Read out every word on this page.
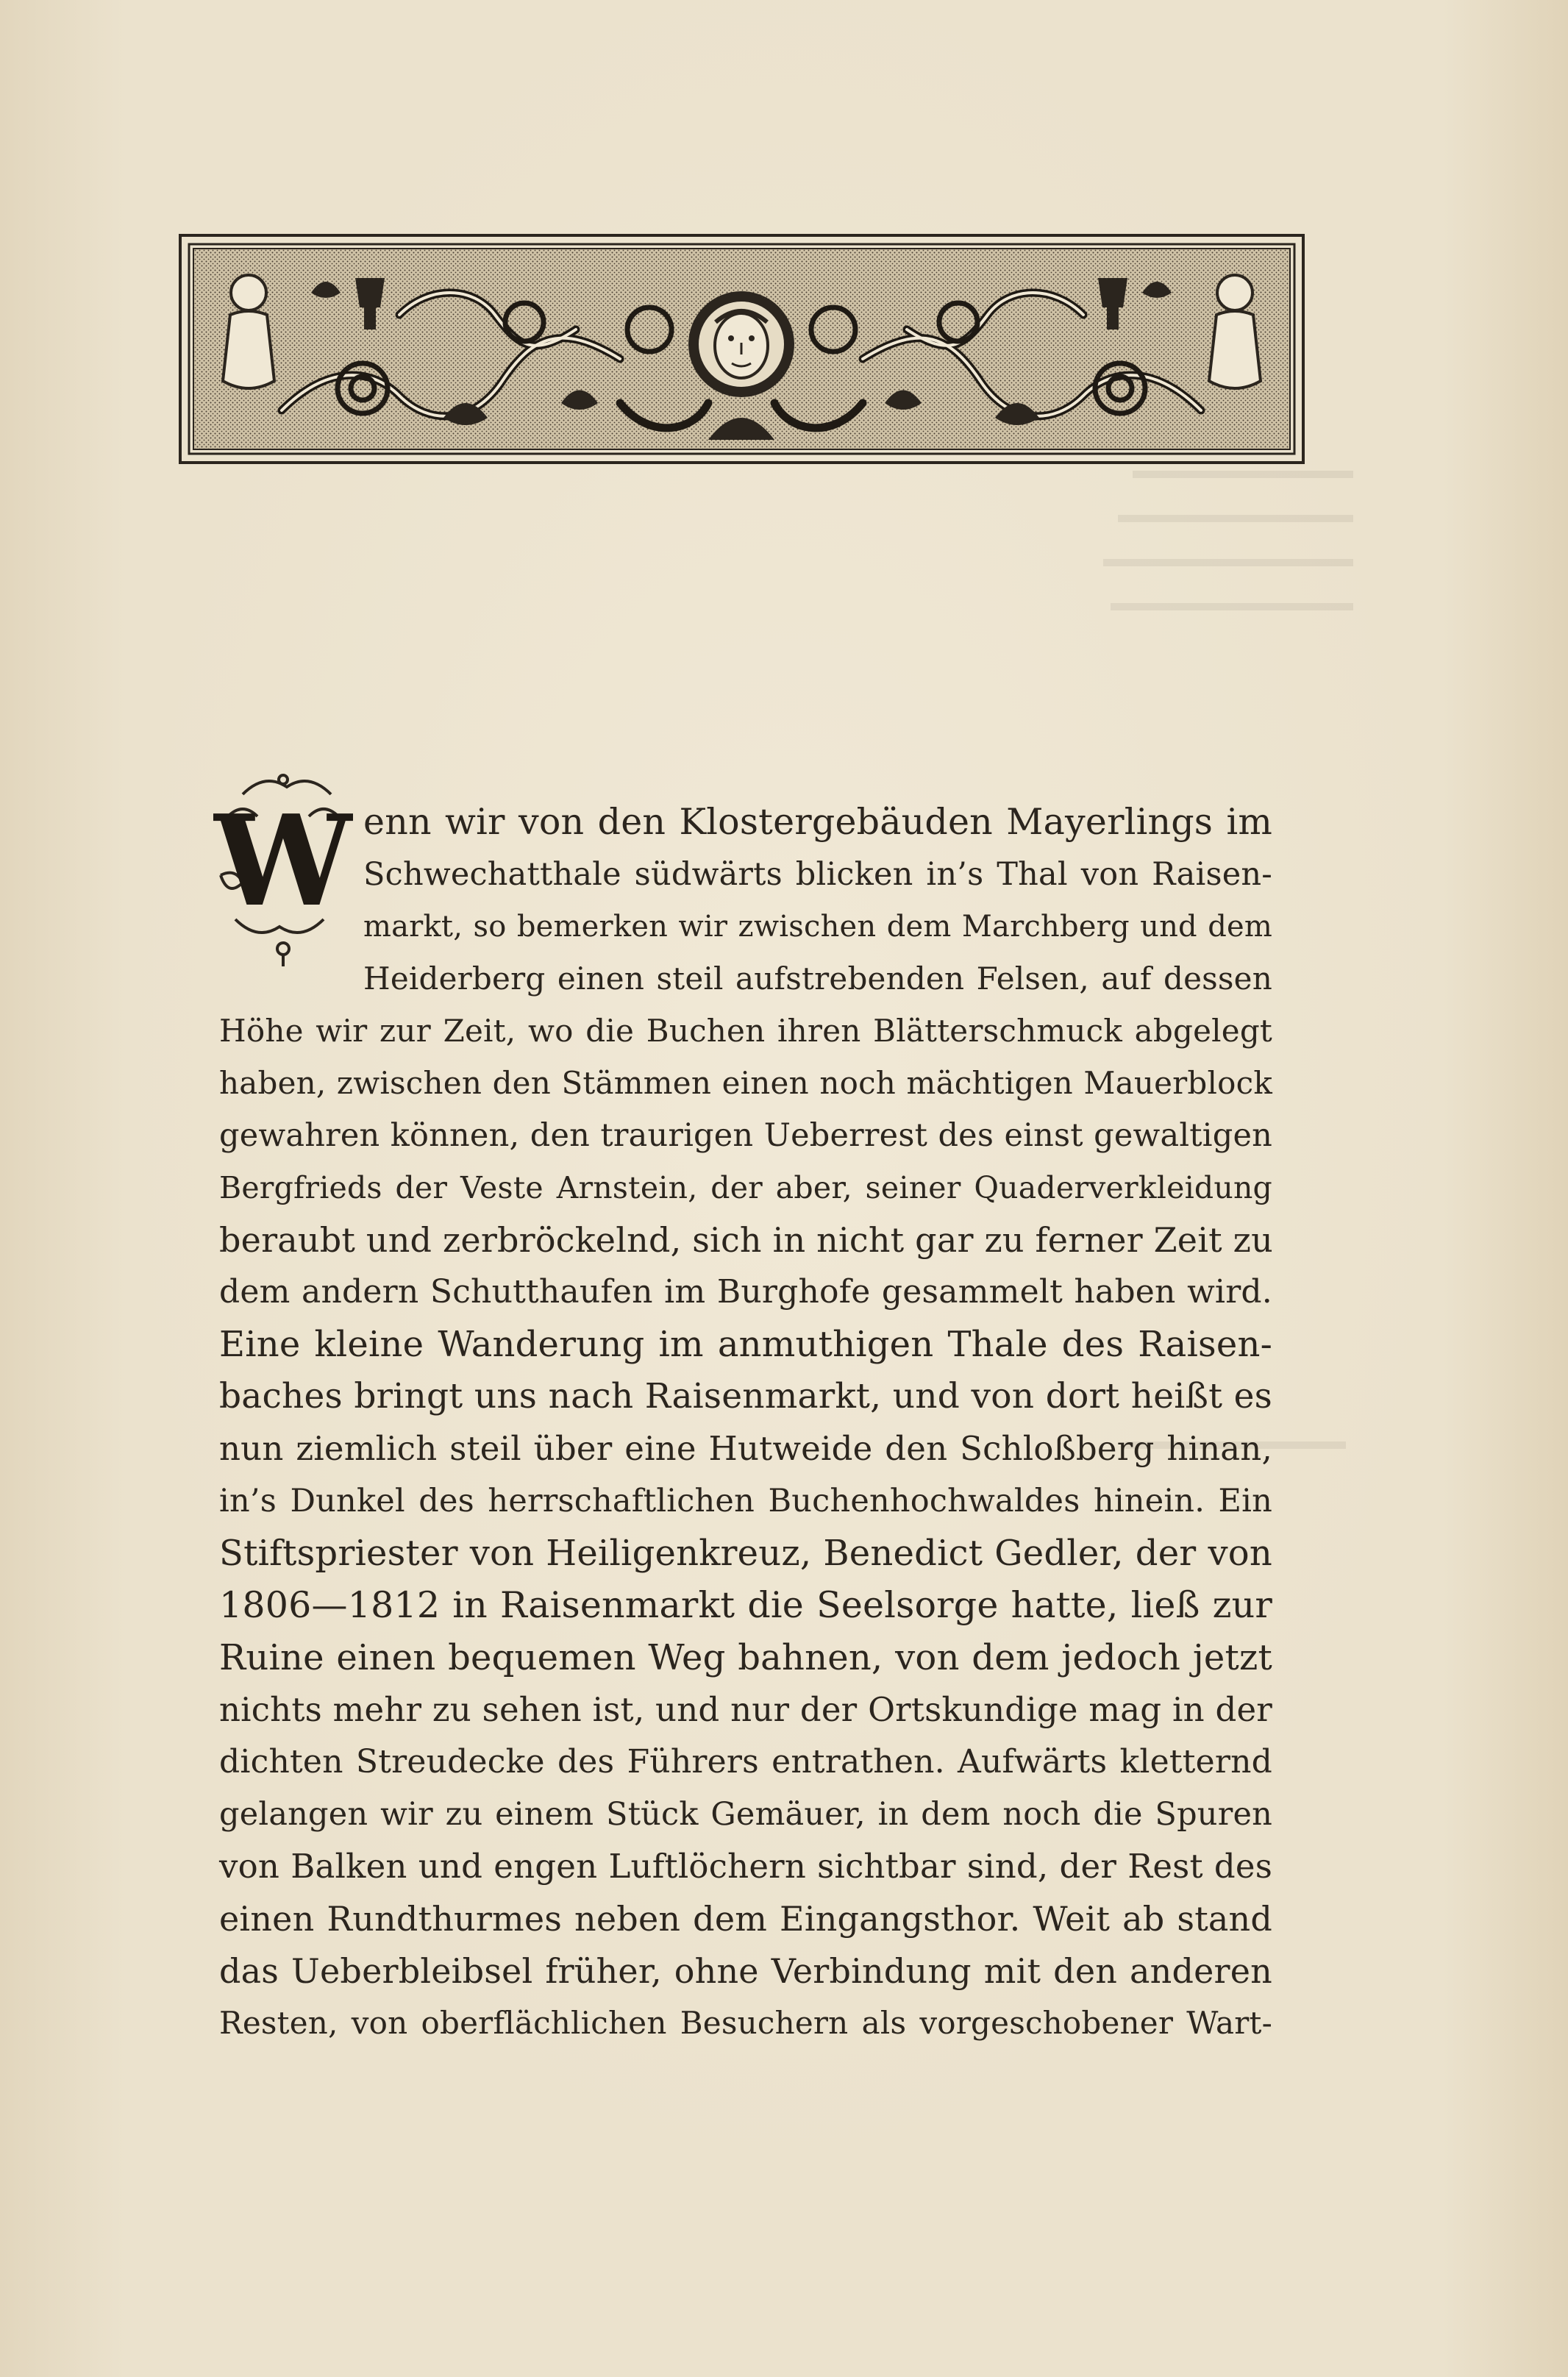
W enn wir von den Klostergebäuden Mayerlings im
Schwechatthale südwärts blicken in’s Thal von Raisen-
markt, so bemerken wir zwischen dem Marchberg und dem
Heiderberg einen steil aufstrebenden Felsen, auf dessen
Höhe wir zur Zeit, wo die Buchen ihren Blätterschmuck abgelegt
haben, zwischen den Stämmen einen noch mächtigen Mauerblock
gewahren können, den traurigen Ueberrest des einst gewaltigen
Bergfrieds der Veste Arnstein, der aber, seiner Quaderverkleidung
beraubt und zerbröckelnd, sich in nicht gar zu ferner Zeit zu
dem andern Schutthaufen im Burghofe gesammelt haben wird.
Eine kleine Wanderung im anmuthigen Thale des Raisen-
baches bringt uns nach Raisenmarkt, und von dort heißt es
nun ziemlich steil über eine Hutweide den Schloßberg hinan,
in’s Dunkel des herrschaftlichen Buchenhochwaldes hinein. Ein
Stiftspriester von Heiligenkreuz, Benedict Gedler, der von
1806—1812 in Raisenmarkt die Seelsorge hatte, ließ zur
Ruine einen bequemen Weg bahnen, von dem jedoch jetzt
nichts mehr zu sehen ist, und nur der Ortskundige mag in der
dichten Streudecke des Führers entrathen. Aufwärts kletternd
gelangen wir zu einem Stück Gemäuer, in dem noch die Spuren
von Balken und engen Luftlöchern sichtbar sind, der Rest des
einen Rundthurmes neben dem Eingangsthor. Weit ab stand
das Ueberbleibsel früher, ohne Verbindung mit den anderen
Resten, von oberflächlichen Besuchern als vorgeschobener Wart-
